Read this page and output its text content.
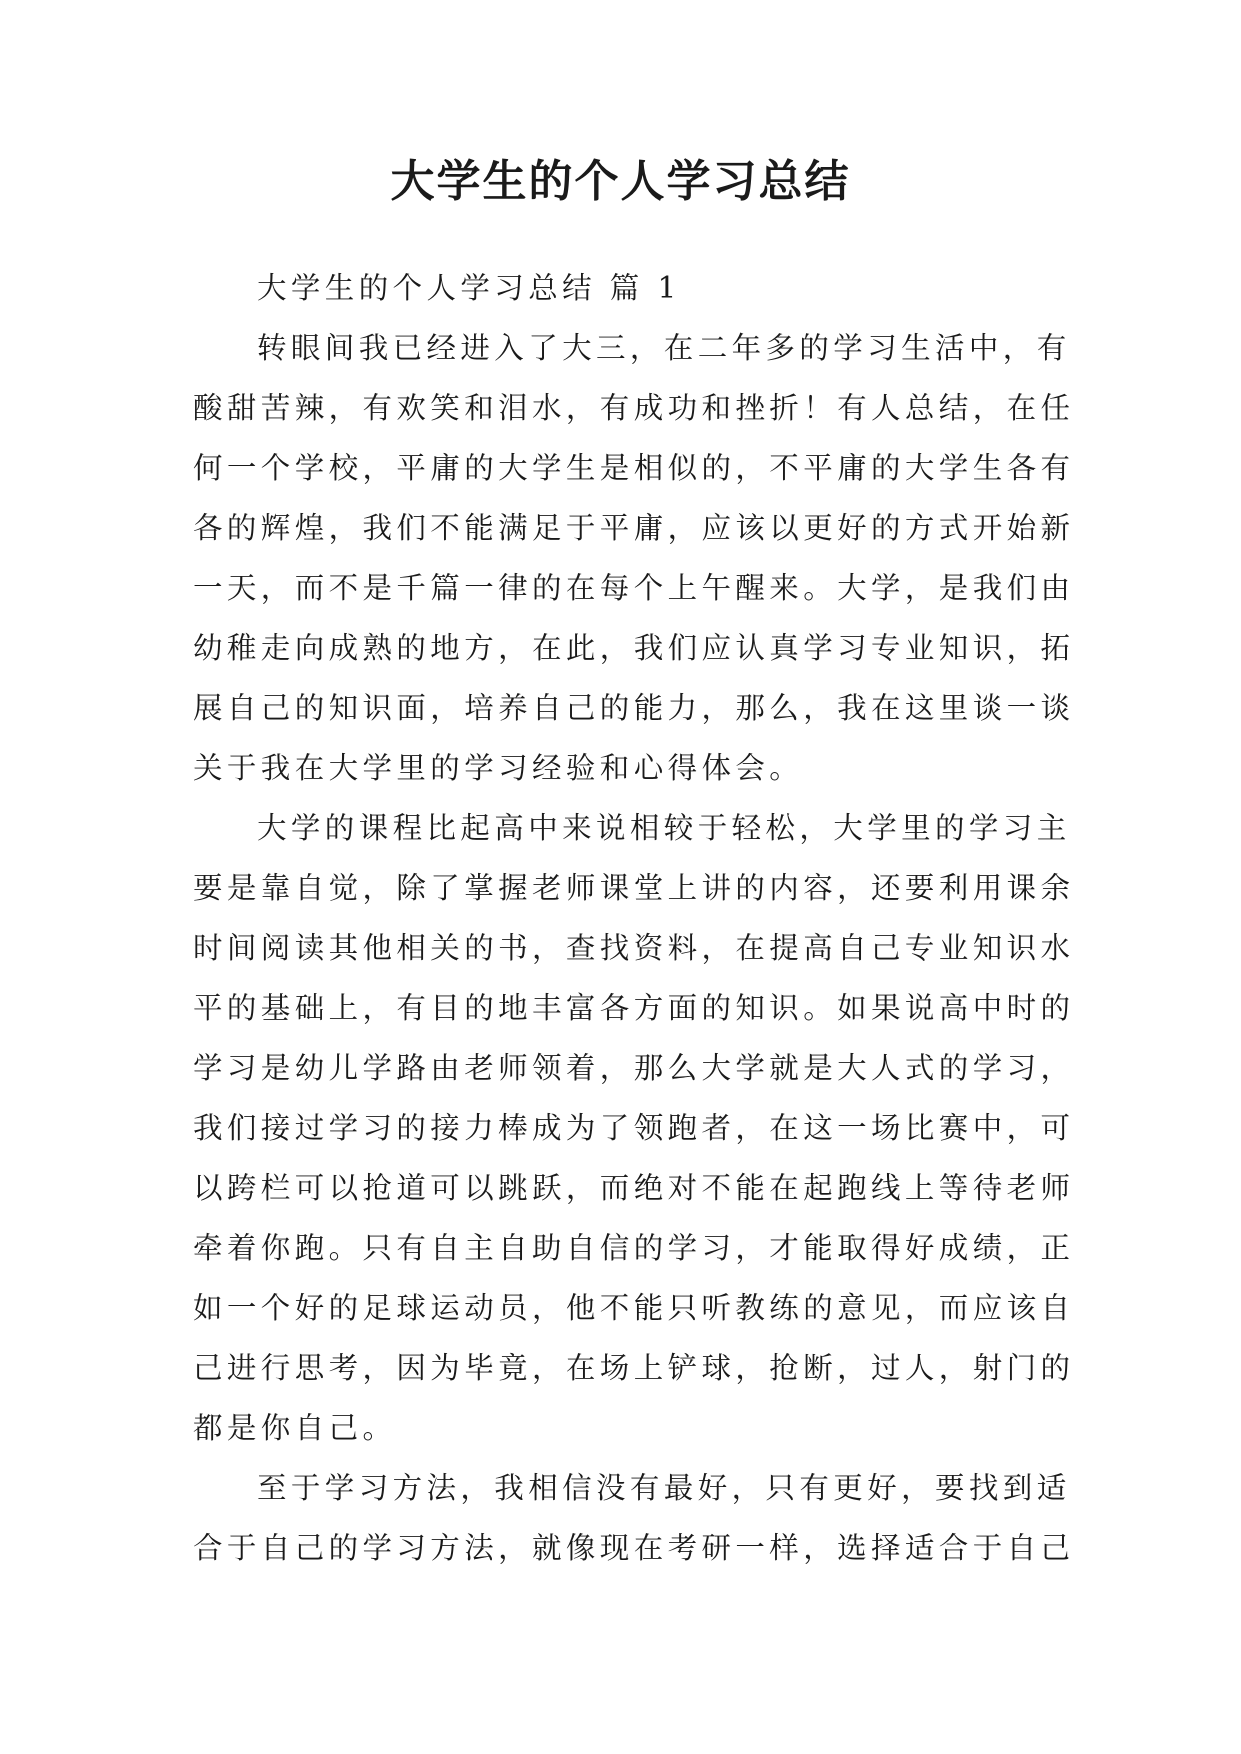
大学生的个人学习总结
大学生的个人学习总结 篇 1
转眼间我已经进入了大三，在二年多的学习生活中，有
酸甜苦辣，有欢笑和泪水，有成功和挫折！有人总结，在任
何一个学校，平庸的大学生是相似的，不平庸的大学生各有
各的辉煌，我们不能满足于平庸，应该以更好的方式开始新
一天，而不是千篇一律的在每个上午醒来。大学，是我们由
幼稚走向成熟的地方，在此，我们应认真学习专业知识，拓
展自己的知识面，培养自己的能力，那么，我在这里谈一谈
关于我在大学里的学习经验和心得体会。
大学的课程比起高中来说相较于轻松，大学里的学习主
要是靠自觉，除了掌握老师课堂上讲的内容，还要利用课余
时间阅读其他相关的书，查找资料，在提高自己专业知识水
平的基础上，有目的地丰富各方面的知识。如果说高中时的
学习是幼儿学路由老师领着，那么大学就是大人式的学习，
我们接过学习的接力棒成为了领跑者，在这一场比赛中，可
以跨栏可以抢道可以跳跃，而绝对不能在起跑线上等待老师
牵着你跑。只有自主自助自信的学习，才能取得好成绩，正
如一个好的足球运动员，他不能只听教练的意见，而应该自
己进行思考，因为毕竟，在场上铲球，抢断，过人，射门的
都是你自己。
至于学习方法，我相信没有最好，只有更好，要找到适
合于自己的学习方法，就像现在考研一样，选择适合于自己
